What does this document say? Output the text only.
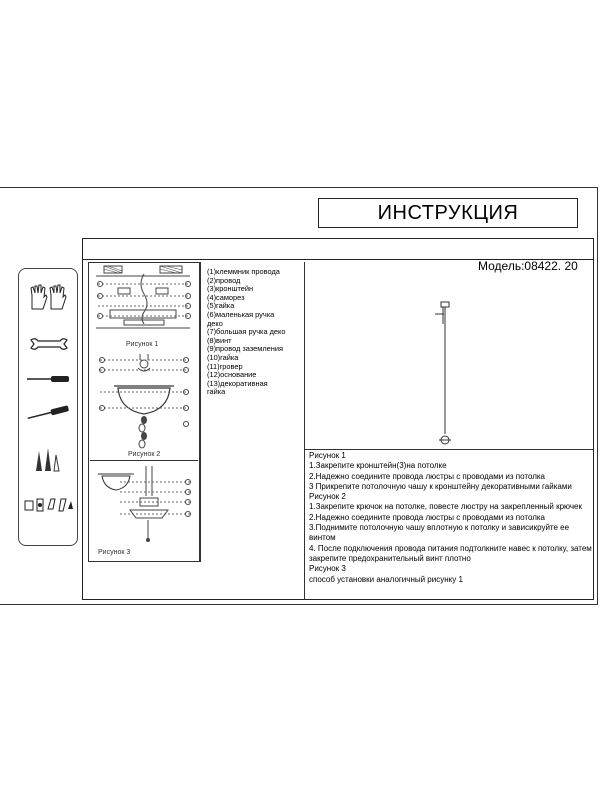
ИНСТРУКЦИЯ
Модель:08422. 20
Рисунок 1
Рисунок 2
Рисунок 3
(1)клеммник провода
(2)провод
(3)кронштейн
(4)саморез
(5)гайка
(6)маленькая ручка
деко
(7)большая ручка деко
(8)винт
(9)провод заземления
(10)гайка
(11)гровер
(12)основание
(13)декоративная
гайка
Рисунок 1
1.Закрепите кронштейн(3)на потолке
2.Надежно соедините провода люстры с проводами из потолка
3 Прикрепите потолочную чашу к кронштейну декоративными гайками
Рисунок 2
1.Закрепите крючок на потолке, повесте люстру на закрепленный крючек
2.Надежно соедините провода люстры с проводами из потолка
3.Поднимите потолочную чашу вплотную к потолку и зависикруйте ее винтом
4. После подключения провода питания подтолкните навес к потолку, затем закрепите предохранительный винт плотно
Рисунок 3
способ установки аналогичный рисунку 1
